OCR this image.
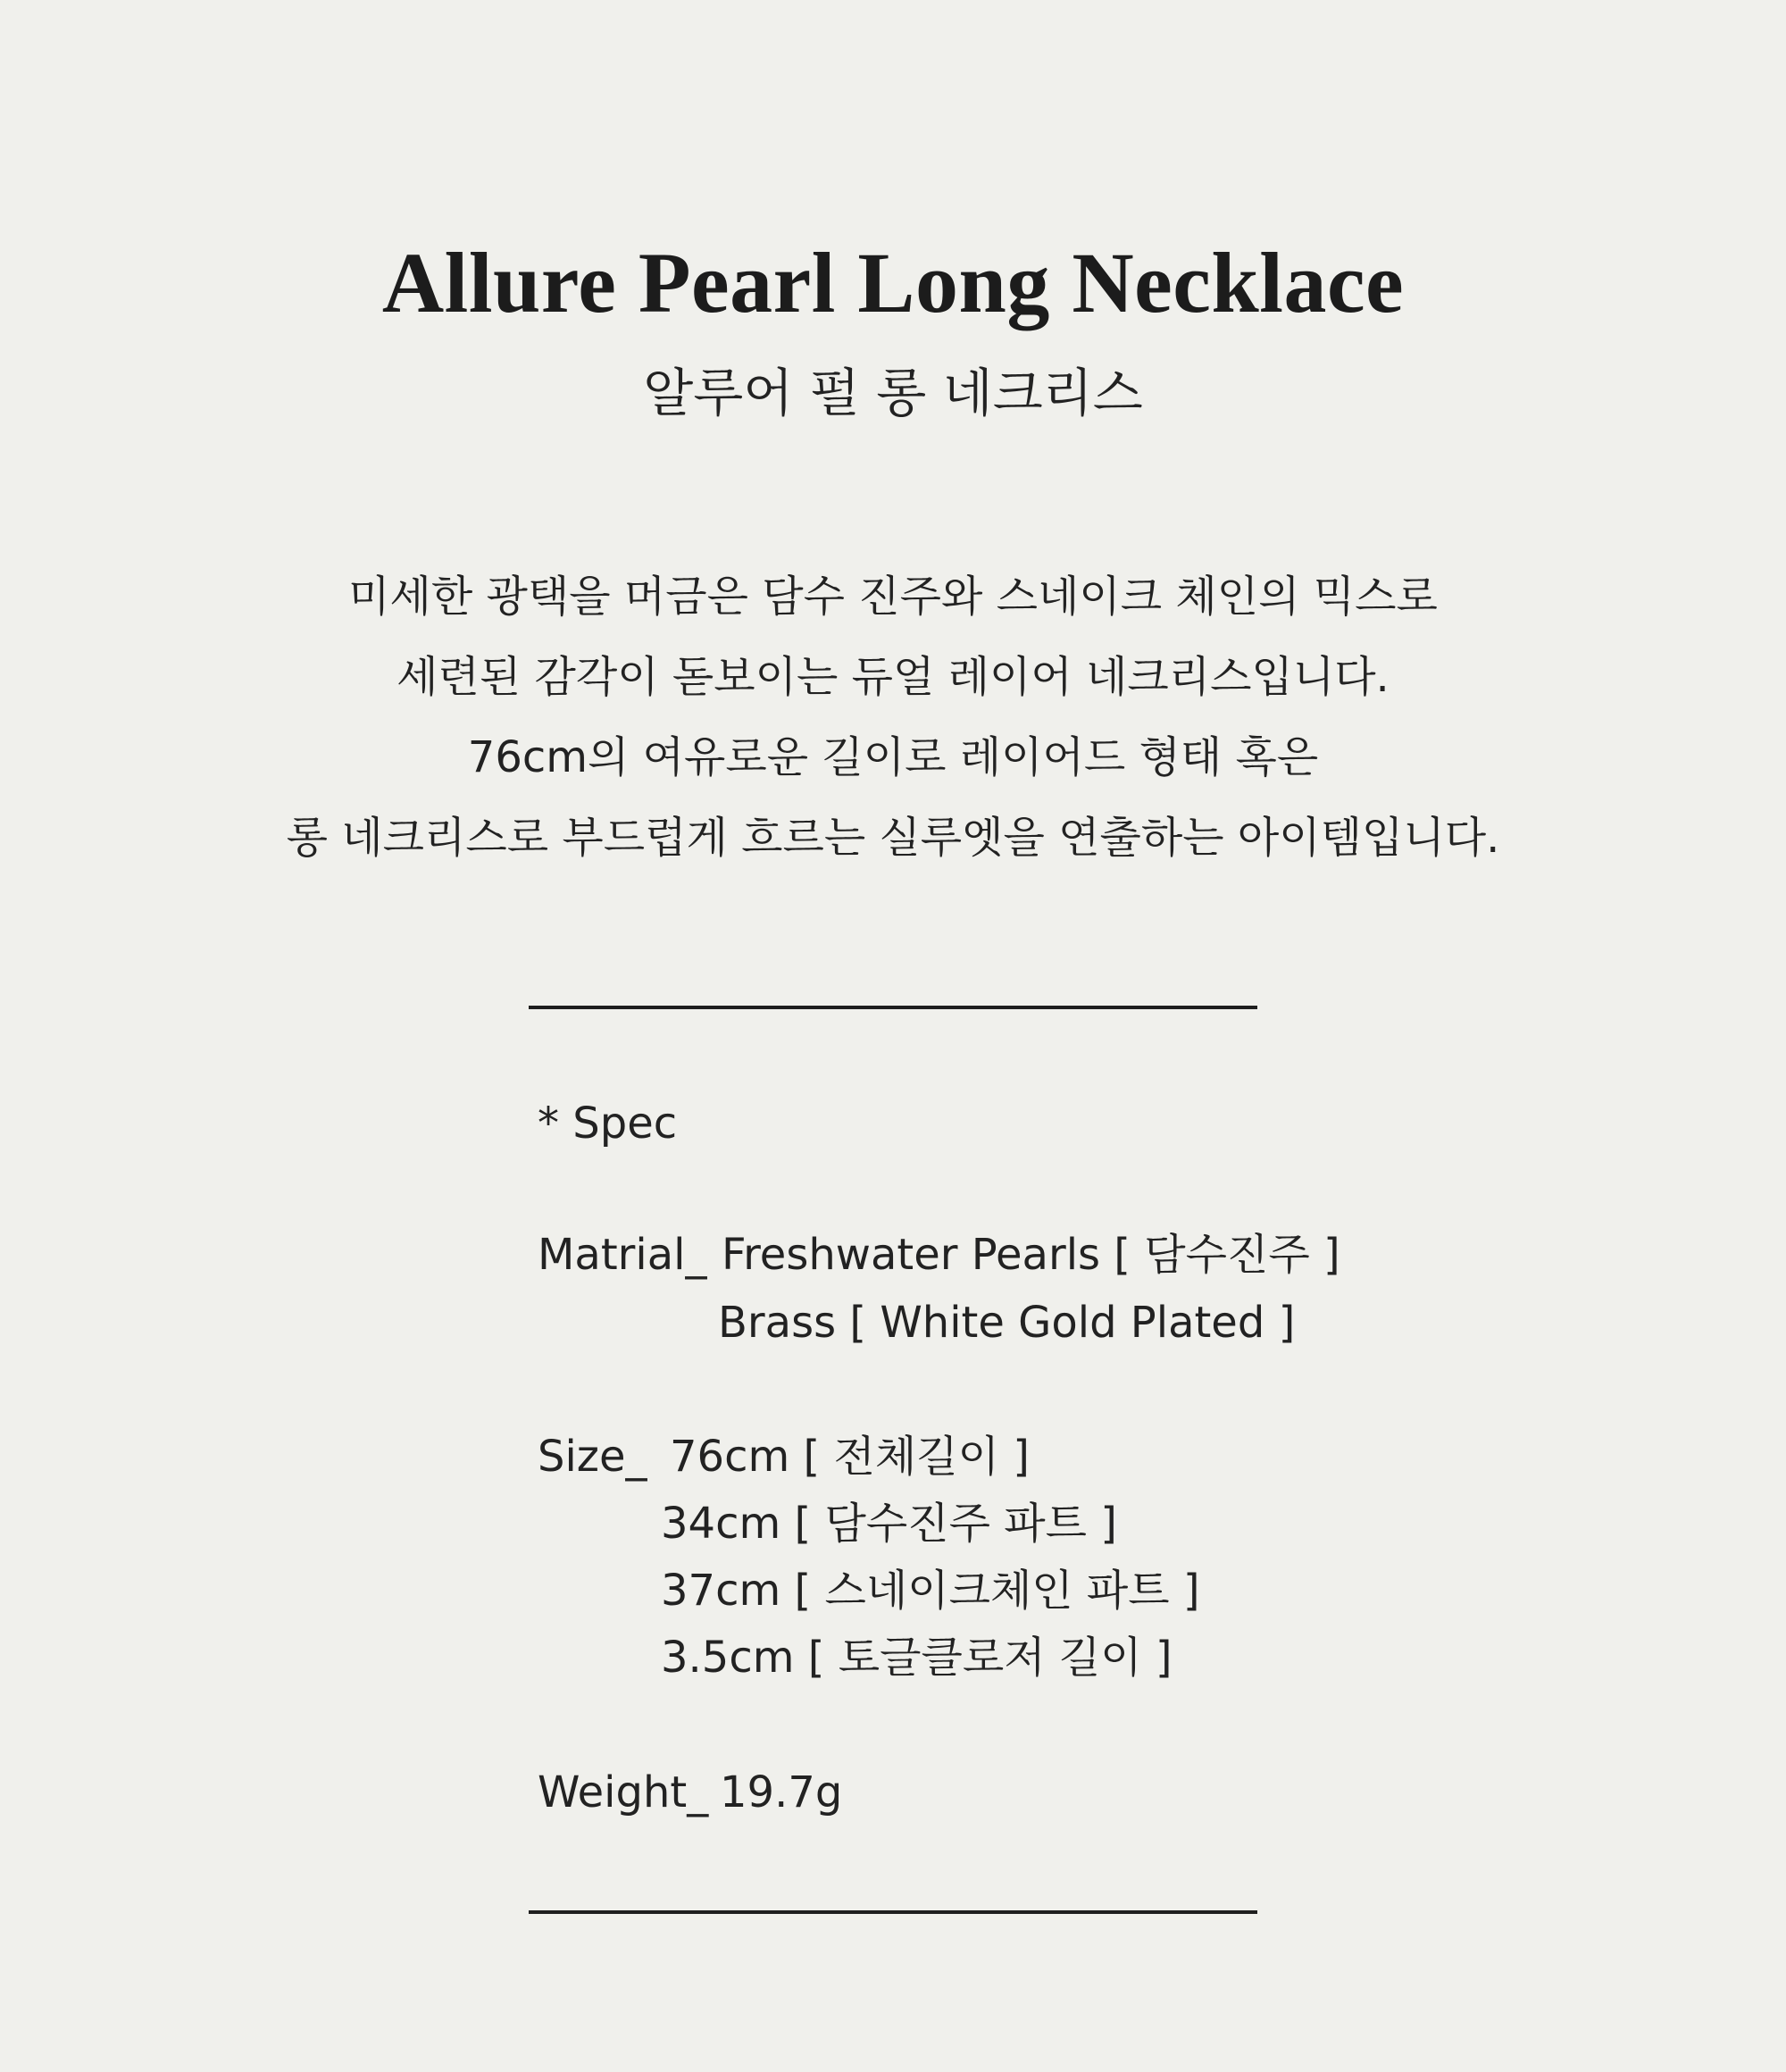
Allure Pearl Long Necklace
알루어 펄 롱 네크리스
미세한 광택을 머금은 담수 진주와 스네이크 체인의 믹스로
세련된 감각이 돋보이는 듀얼 레이어 네크리스입니다.
76cm의 여유로운 길이로 레이어드 형태 혹은
롱 네크리스로 부드럽게 흐르는 실루엣을 연출하는 아이템입니다.
* Spec
Matrial_ Freshwater Pearls [ 담수진주 ]
Brass [ White Gold Plated ]
Size_ 76cm [ 전체길이 ]
34cm [ 담수진주 파트 ]
37cm [ 스네이크체인 파트 ]
3.5cm [ 토글클로저 길이 ]
Weight_ 19.7g
